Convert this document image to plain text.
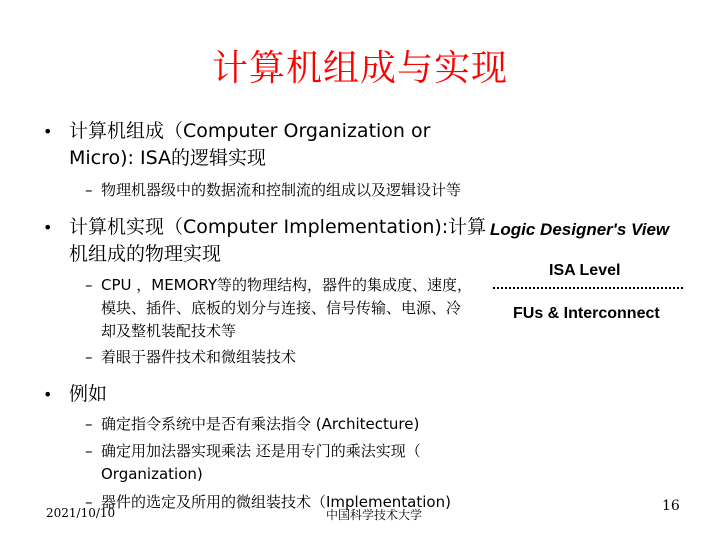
计算机组成与实现
• 计算机组成（Computer Organization or
Micro): ISA的逻辑实现
– 物理机器级中的数据流和控制流的组成以及逻辑设计等
• 计算机实现（Computer Implementation):计算
机组成的物理实现
– CPU ，MEMORY等的物理结构，器件的集成度、速度，
模块、插件、底板的划分与连接、信号传输、电源、冷
却及整机装配技术等
– 着眼于器件技术和微组装技术
• 例如
– 确定指令系统中是否有乘法指令 (Architecture)
– 确定用加法器实现乘法 还是用专门的乘法实现（
Organization)
– 器件的选定及所用的微组装技术（Implementation)
Logic Designer's View
ISA Level
FUs & Interconnect
2021/10/10	中国科学技术大学
16
